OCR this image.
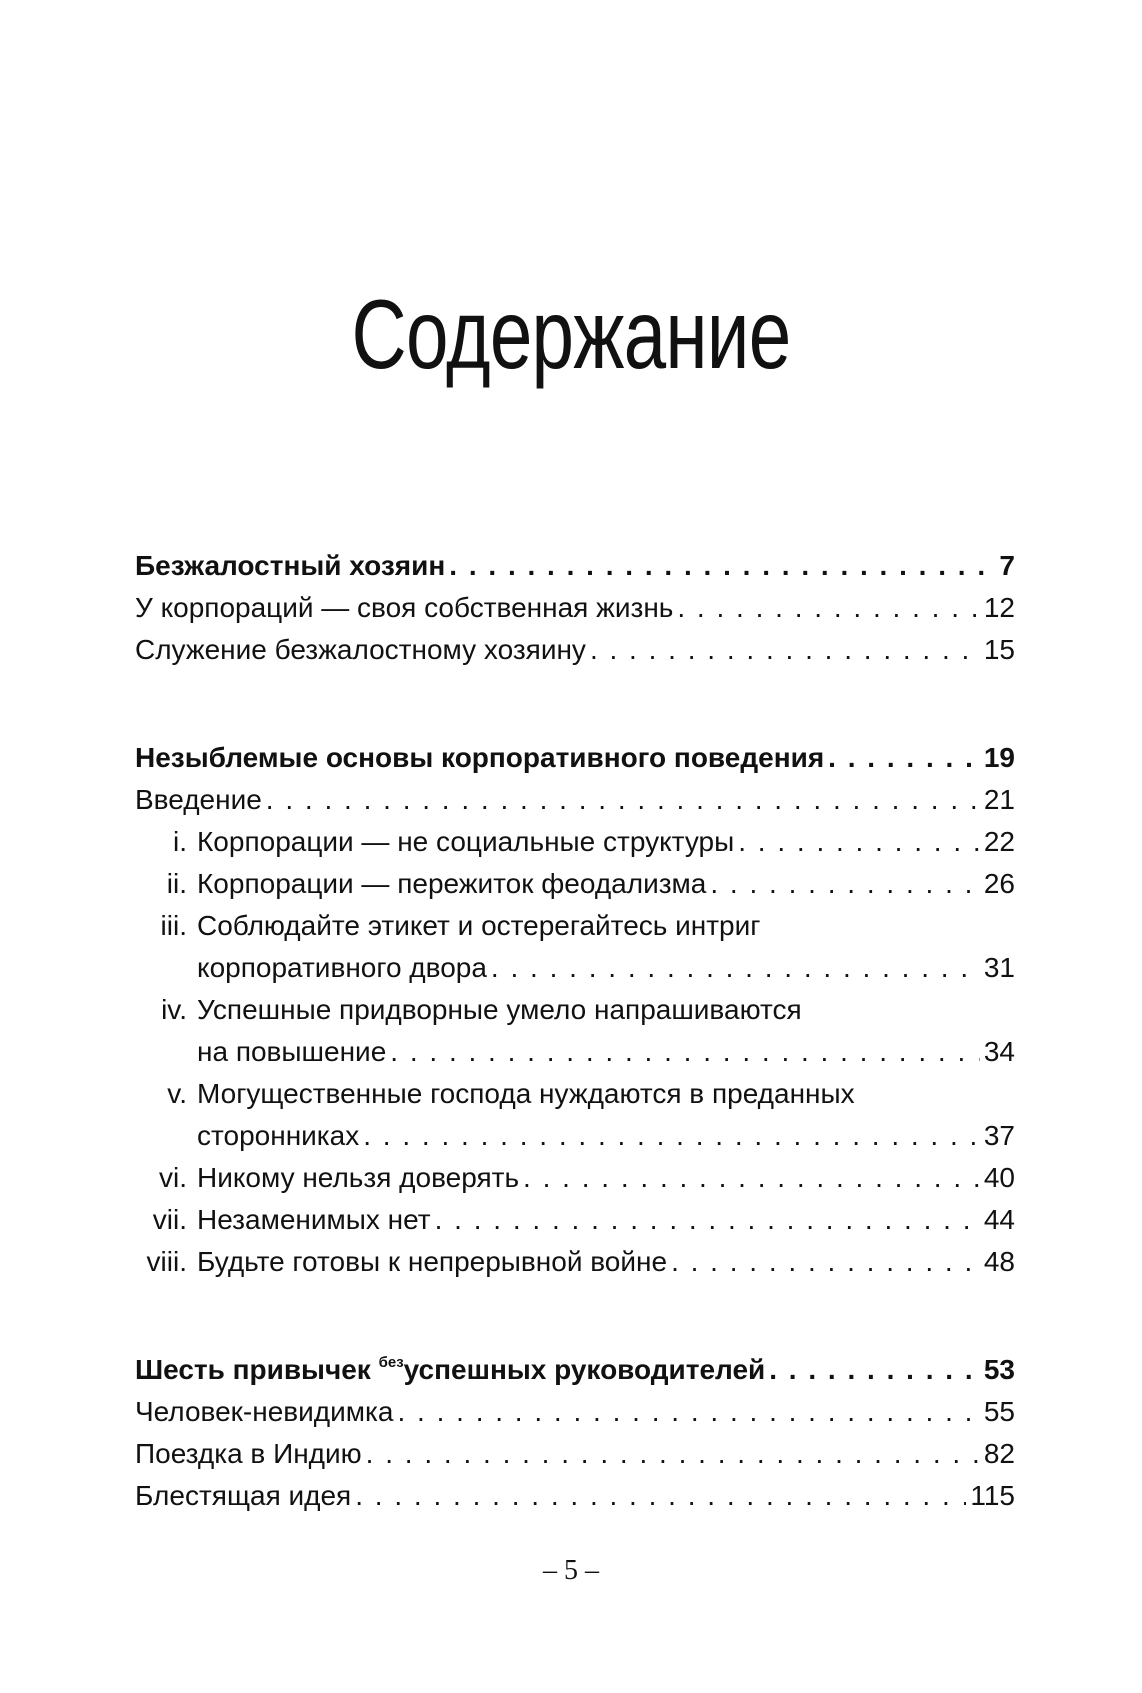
Содержание
Безжалостный хозяин . . .	7
У корпораций — своя собственная жизнь . . .	12
Служение безжалостному хозяину . . .	15
Незыблемые основы корпоративного поведения . . .	19
Введение . . .	21
i. Корпорации — не социальные структуры . . .	22
ii. Корпорации — пережиток феодализма . . .	26
iii. Соблюдайте этикет и остерегайтесь интриг
корпоративного двора . . .	31
iv. Успешные придворные умело напрашиваются
на повышение . . .	34
v. Могущественные господа нуждаются в преданных
сторонниках . . .	37
vi. Никому нельзя доверять . . .	40
vii. Незаменимых нет . . .	44
viii. Будьте готовы к непрерывной войне . . .	48
Шесть привычек $^{без}$успешных руководителей . . .	53
Человек-невидимка . . .	55
Поездка в Индию . . .	82
Блестящая идея . . .	115
– 5 –
